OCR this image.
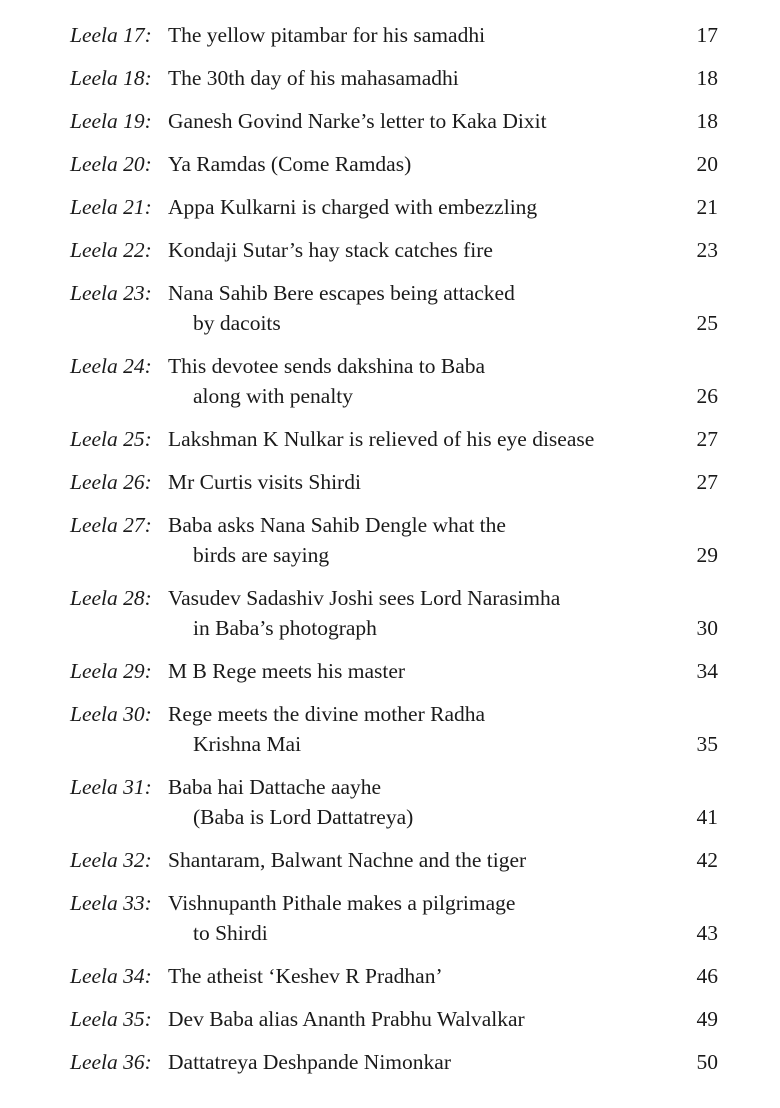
Leela 17: The yellow pitambar for his samadhi	17
Leela 18: The 30th day of his mahasamadhi	18
Leela 19: Ganesh Govind Narke’s letter to Kaka Dixit	18
Leela 20: Ya Ramdas (Come Ramdas)	20
Leela 21: Appa Kulkarni is charged with embezzling	21
Leela 22: Kondaji Sutar’s hay stack catches fire	23
Leela 23: Nana Sahib Bere escapes being attacked
by dacoits	25
Leela 24: This devotee sends dakshina to Baba
along with penalty	26
Leela 25: Lakshman K Nulkar is relieved of his eye disease	27
Leela 26: Mr Curtis visits Shirdi	27
Leela 27: Baba asks Nana Sahib Dengle what the
birds are saying	29
Leela 28: Vasudev Sadashiv Joshi sees Lord Narasimha
in Baba’s photograph	30
Leela 29: M B Rege meets his master	34
Leela 30: Rege meets the divine mother Radha
Krishna Mai	35
Leela 31: Baba hai Dattache aayhe
(Baba is Lord Dattatreya)	41
Leela 32: Shantaram, Balwant Nachne and the tiger	42
Leela 33: Vishnupanth Pithale makes a pilgrimage
to Shirdi	43
Leela 34: The atheist ‘Keshev R Pradhan’	46
Leela 35: Dev Baba alias Ananth Prabhu Walvalkar	49
Leela 36: Dattatreya Deshpande Nimonkar	50
